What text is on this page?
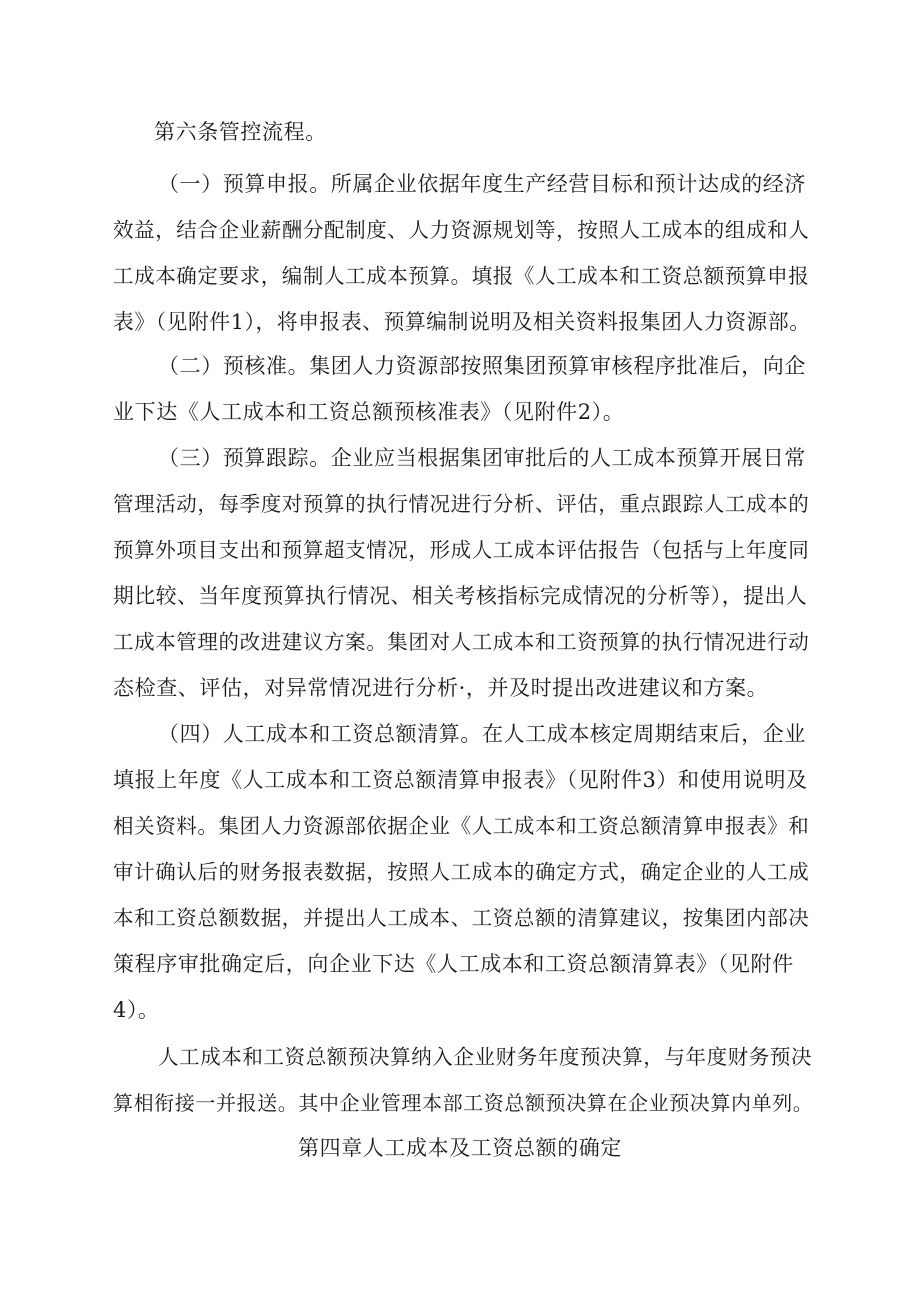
第六条管控流程。
（一）预算申报。所属企业依据年度生产经营目标和预计达成的经济
效益，结合企业薪酬分配制度、人力资源规划等，按照人工成本的组成和人
工成本确定要求，编制人工成本预算。填报《人工成本和工资总额预算申报
表》（见附件1），将申报表、预算编制说明及相关资料报集团人力资源部。
（二）预核准。集团人力资源部按照集团预算审核程序批准后，向企
业下达《人工成本和工资总额预核准表》（见附件2）。
（三）预算跟踪。企业应当根据集团审批后的人工成本预算开展日常
管理活动，每季度对预算的执行情况进行分析、评估，重点跟踪人工成本的
预算外项目支出和预算超支情况，形成人工成本评估报告（包括与上年度同
期比较、当年度预算执行情况、相关考核指标完成情况的分析等），提出人
工成本管理的改进建议方案。集团对人工成本和工资预算的执行情况进行动
态检查、评估，对异常情况进行分析·，并及时提出改进建议和方案。
（四）人工成本和工资总额清算。在人工成本核定周期结束后，企业
填报上年度《人工成本和工资总额清算申报表》（见附件3）和使用说明及
相关资料。集团人力资源部依据企业《人工成本和工资总额清算申报表》和
审计确认后的财务报表数据，按照人工成本的确定方式，确定企业的人工成
本和工资总额数据，并提出人工成本、工资总额的清算建议，按集团内部决
策程序审批确定后，向企业下达《人工成本和工资总额清算表》（见附件
4）。
人工成本和工资总额预决算纳入企业财务年度预决算，与年度财务预决
算相衔接一并报送。其中企业管理本部工资总额预决算在企业预决算内单列。
第四章人工成本及工资总额的确定
